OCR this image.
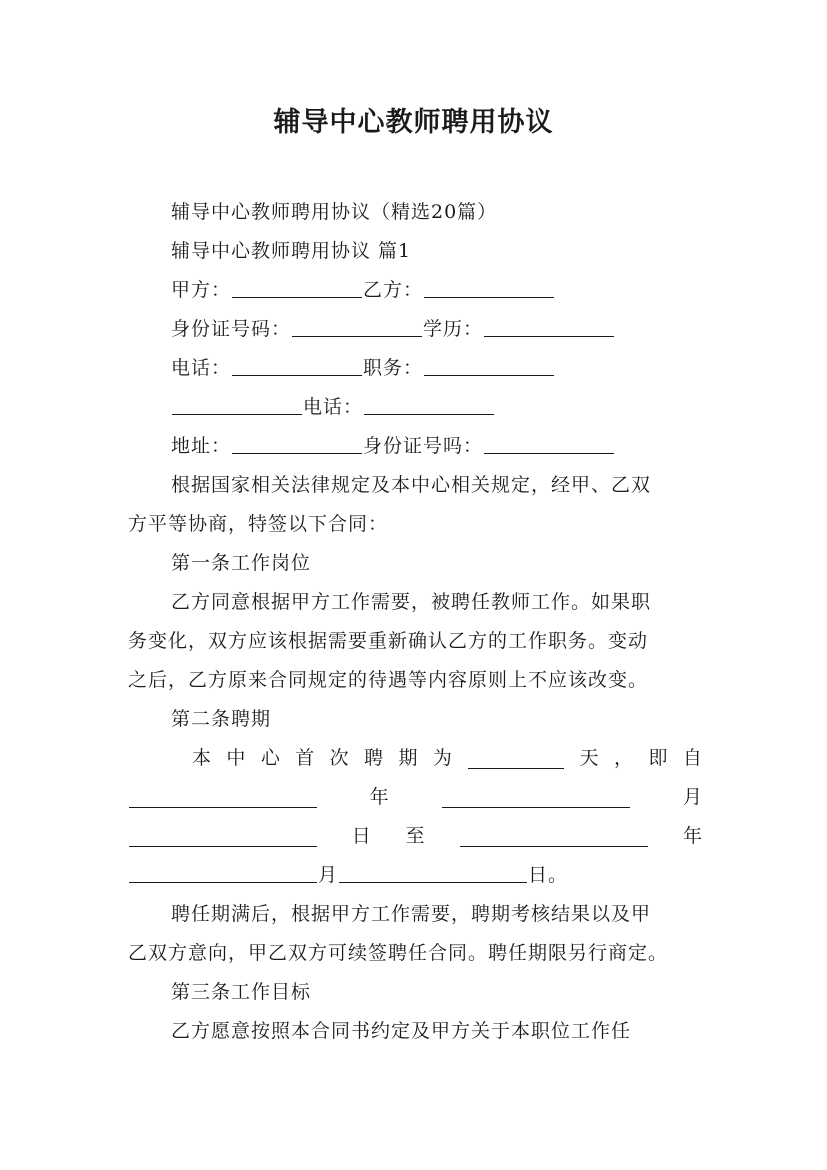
辅导中心教师聘用协议
辅导中心教师聘用协议（精选20篇）
辅导中心教师聘用协议 篇1
甲方：	乙方：
身份证号码：	学历：
电话：	职务：
电话：
地址：	身份证号吗：
根据国家相关法律规定及本中心相关规定，经甲、乙双
方平等协商，特签以下合同：
第一条工作岗位
乙方同意根据甲方工作需要，被聘任教师工作。如果职
务变化，双方应该根据需要重新确认乙方的工作职务。变动
之后，乙方原来合同规定的待遇等内容原则上不应该改变。
第二条聘期
本 中 心 首 次 聘 期 为	天 ， 即 自
年	月
日 至	年
月	日。
聘任期满后，根据甲方工作需要，聘期考核结果以及甲
乙双方意向，甲乙双方可续签聘任合同。聘任期限另行商定。
第三条工作目标
乙方愿意按照本合同书约定及甲方关于本职位工作任
